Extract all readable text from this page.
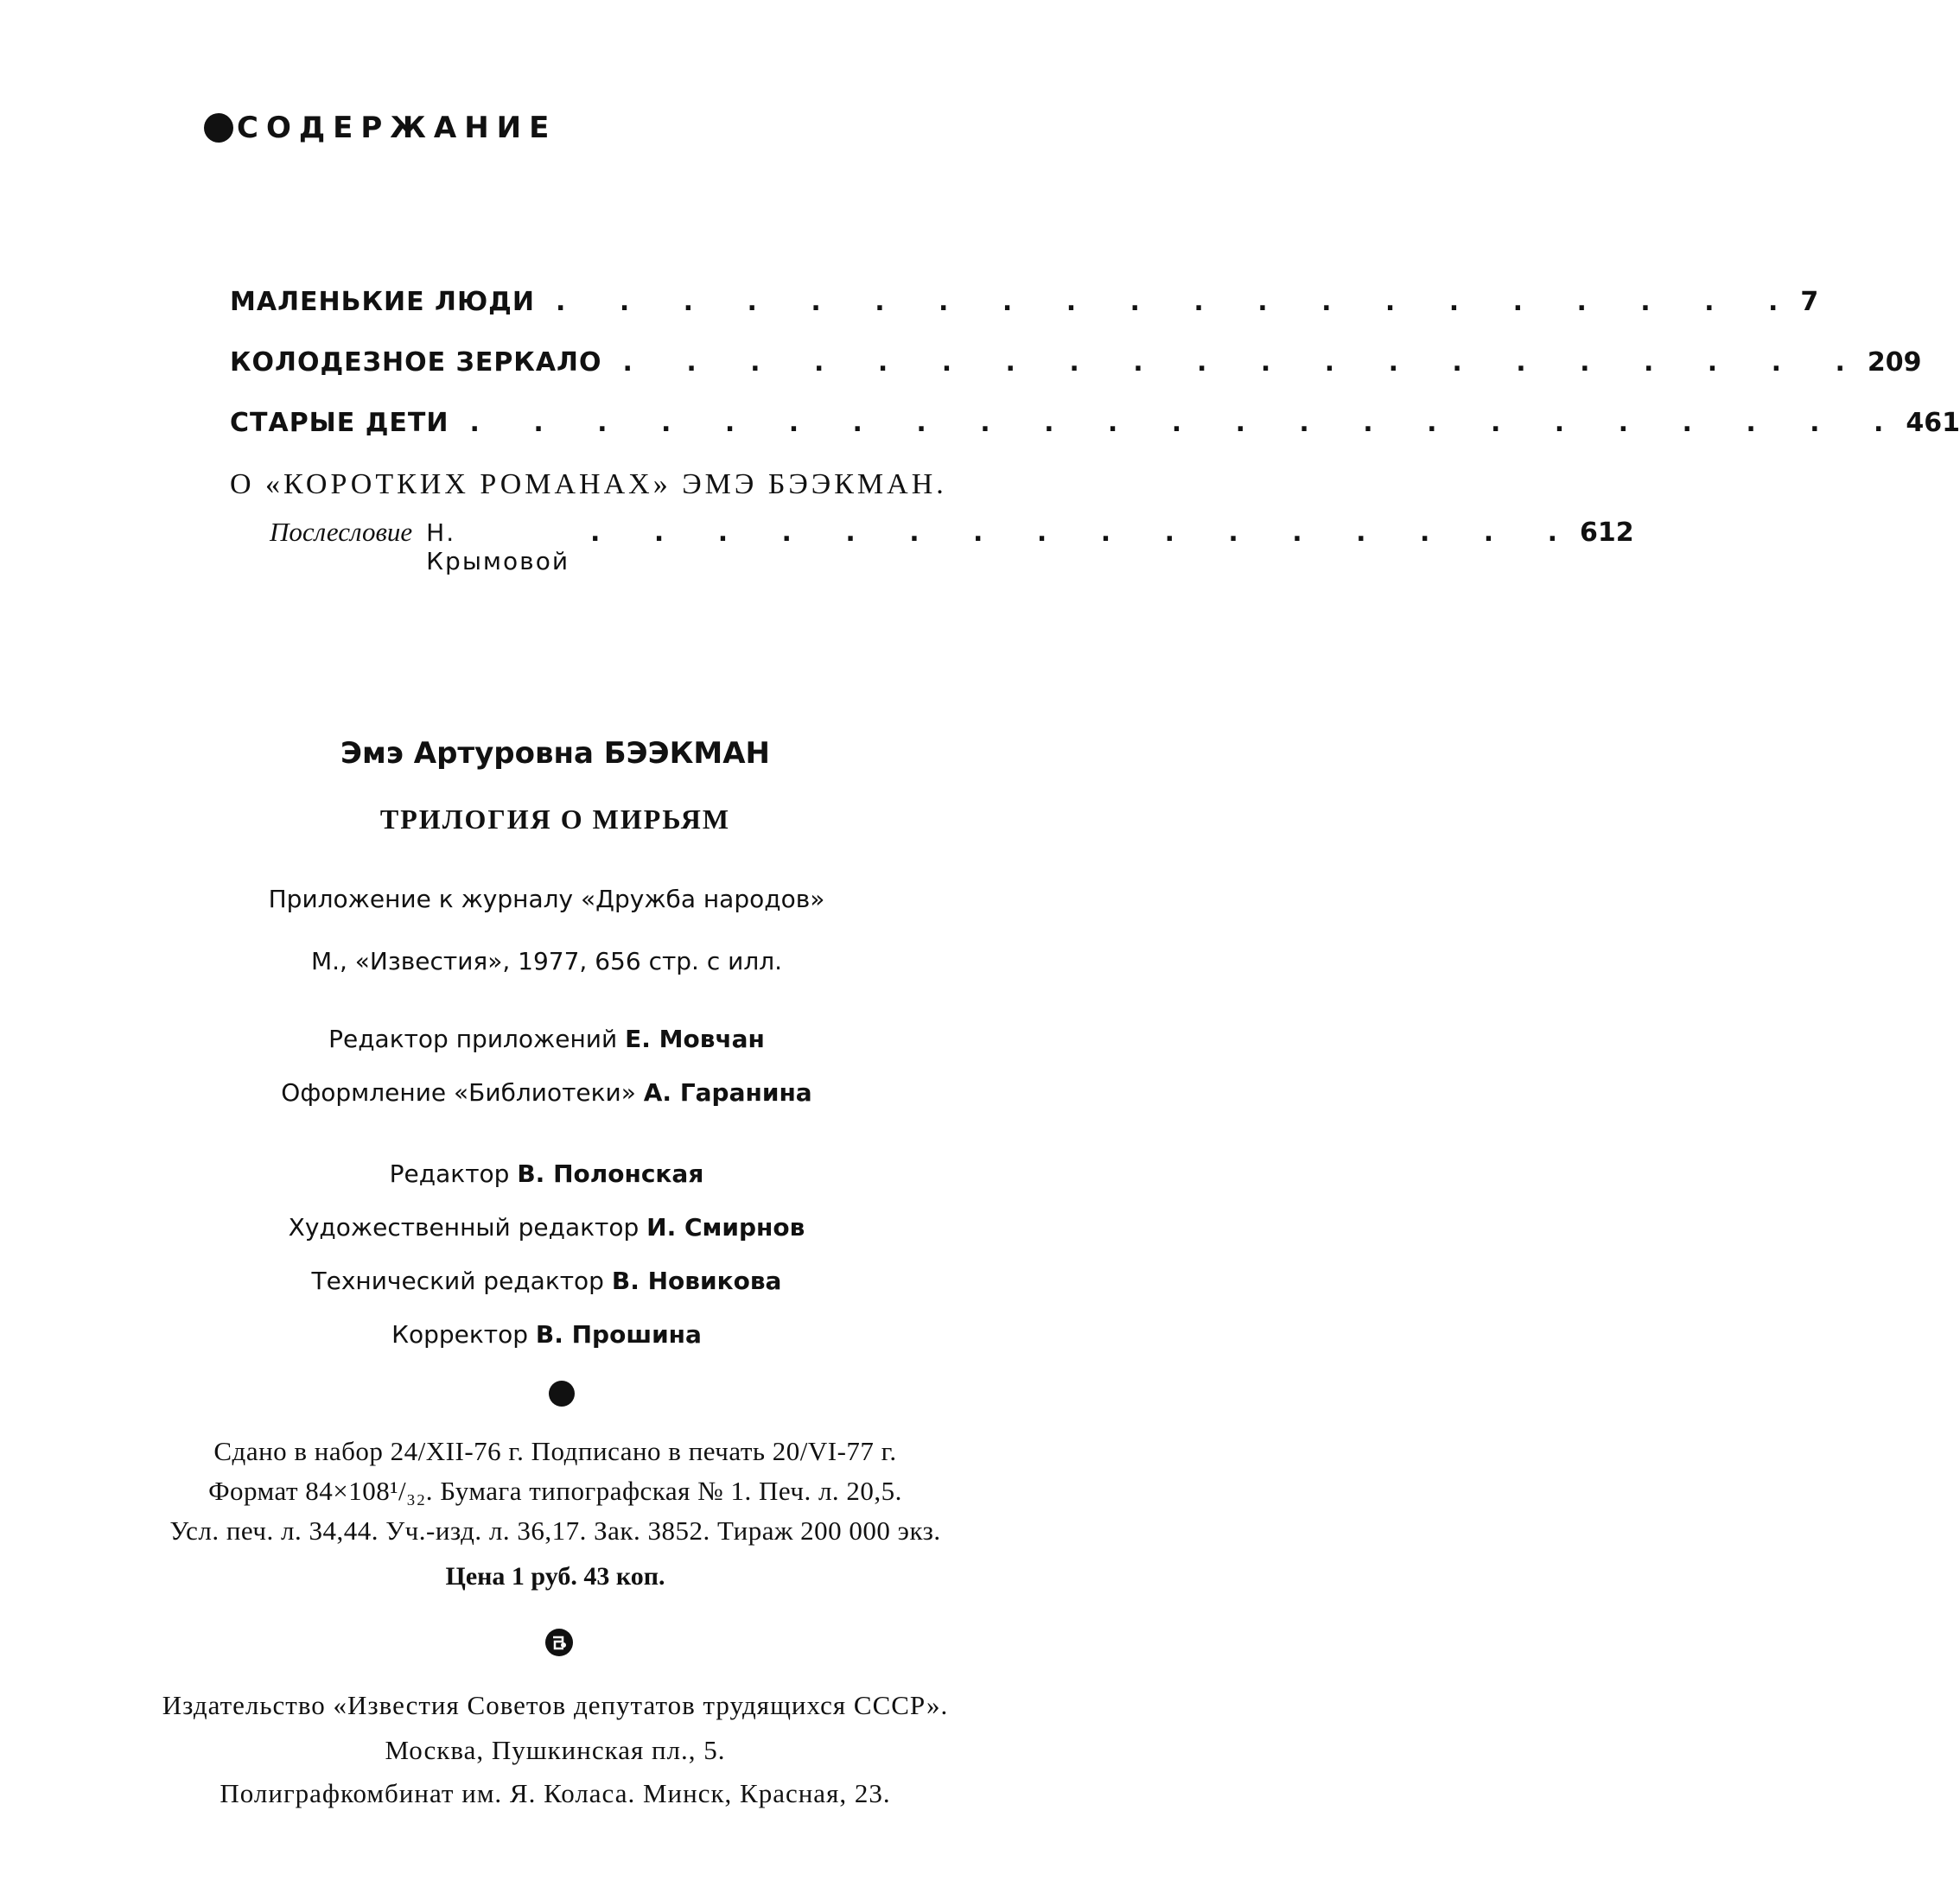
СОДЕРЖАНИЕ
МАЛЕНЬКИЕ ЛЮДИ . . . . . . . . . . . . . . . . . . . . 7
КОЛОДЕЗНОЕ ЗЕРКАЛО . . . . . . . . . . . . . . . . . . . . 209
СТАРЫЕ ДЕТИ . . . . . . . . . . . . . . . . . . . . . . . 461
О «КОРОТКИХ РОМАНАХ» ЭМЭ БЭЭКМАН.
Послесловие Н. Крымовой
. . . . . . . . . . . . . . . . 612
Эмэ Артуровна БЭЭКМАН
ТРИЛОГИЯ О МИРЬЯМ
Приложение к журналу «Дружба народов»
М., «Известия», 1977, 656 стр. с илл.
Редактор приложений Е. Мовчан
Оформление «Библиотеки» А. Гаранина
Редактор В. Полонская
Художественный редактор И. Смирнов
Технический редактор В. Новикова
Корректор В. Прошина
Сдано в набор 24/XII-76 г. Подписано в печать 20/VI-77 г.
Формат 84×108¹/₃₂. Бумага типографская № 1. Печ. л. 20,5.
Усл. печ. л. 34,44. Уч.-изд. л. 36,17. Зак. 3852. Тираж 200 000 экз.
Цена 1 руб. 43 коп.
Издательство «Известия Советов депутатов трудящихся СССР».
Москва, Пушкинская пл., 5.
Полиграфкомбинат им. Я. Коласа. Минск, Красная, 23.
